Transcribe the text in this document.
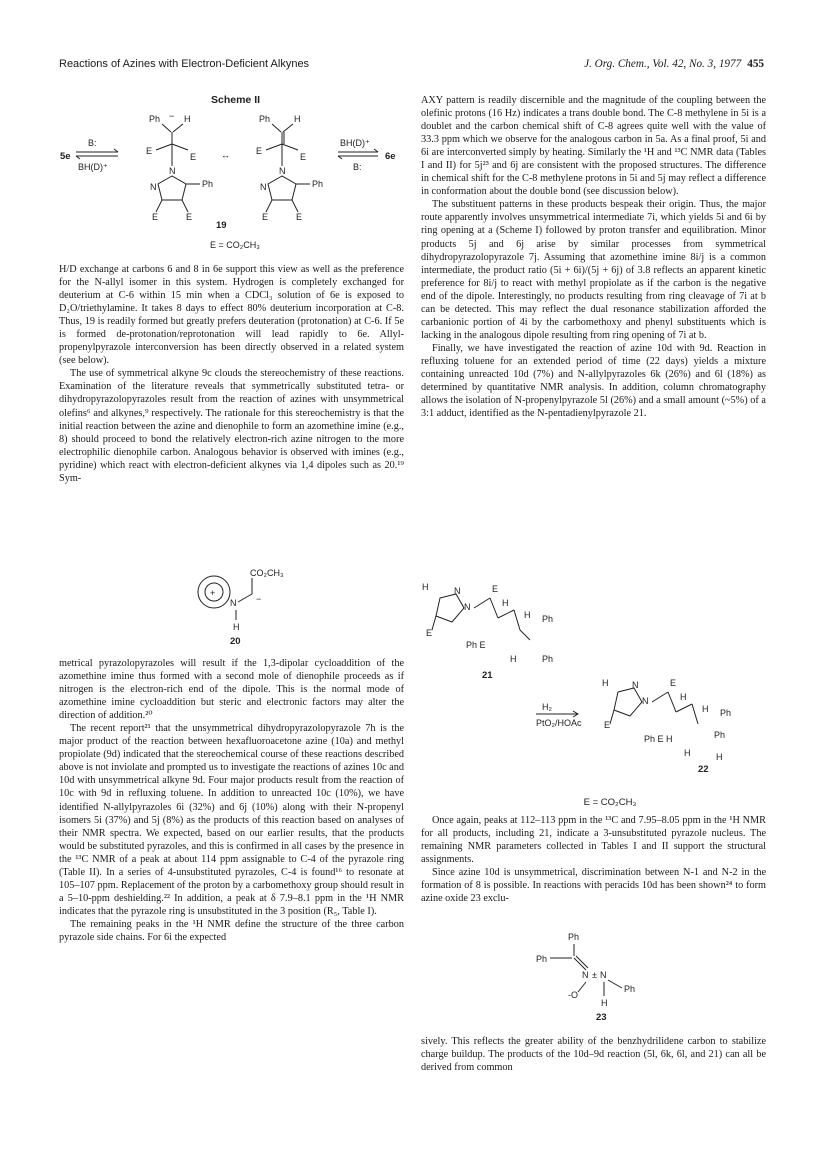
Reactions of Azines with Electron-Deficient Alkynes	J. Org. Chem., Vol. 42, No. 3, 1977 455
Scheme II
5e
B:
BH(D)⁺
Ph	H
−
E
E
N
N	Ph
E	E
↔
Ph	H
E
E
N
N	Ph
E	E
19
BH(D)⁺
B:
6e
E = CO₂CH₃

H/D exchange at carbons 6 and 8 in 6e support this view as well as the preference for the N-allyl isomer in this system. Hydrogen is completely exchanged for deuterium at C-6 within 15 min when a CDCl₃ solution of 6e is exposed to D₂O/triethylamine. It takes 8 days to effect 80% deuterium incorporation at C-8. Thus, 19 is readily formed but greatly prefers deuteration (protonation) at C-6. If 5e is formed de-protonation/reprotonation will lead rapidly to 6e. Allyl-propenylpyrazole interconversion has been directly observed in a related system (see below).

The use of symmetrical alkyne 9c clouds the stereochemistry of these reactions. Examination of the literature reveals that symmetrically substituted tetra- or dihydropyrazolopyrazoles result from the reaction of azines with unsymmetrical olefins⁶ and alkynes,⁹ respectively. The rationale for this stereochemistry is that the initial reaction between the azine and dienophile to form an azomethine imine (e.g., 8) should proceed to bond the relatively electron-rich azine nitrogen to the more electrophilic dienophile carbon. Analogous behavior is observed with imines (e.g., pyridine) which react with electron-deficient alkynes via 1,4 dipoles such as 20.¹⁹ Sym-

+
N
CO₂CH₃
−
H
20

metrical pyrazolopyrazoles will result if the 1,3-dipolar cycloaddition of the azomethine imine thus formed with a second mole of dienophile proceeds as if nitrogen is the electron-rich end of the dipole. This is the normal mode of azomethine imine cycloaddition but steric and electronic factors may alter the direction of addition.²⁰

The recent report²¹ that the unsymmetrical dihydropyrazolopyrazole 7h is the major product of the reaction between hexafluoroacetone azine (10a) and methyl propiolate (9d) indicated that the stereochemical course of these reactions described above is not inviolate and prompted us to investigate the reactions of azines 10c and 10d with unsymmetrical alkyne 9d. Four major products result from the reaction of 10c with 9d in refluxing toluene. In addition to unreacted 10c (10%), we have identified N-allylpyrazoles 6i (32%) and 6j (10%) along with their N-propenyl isomers 5i (37%) and 5j (8%) as the products of this reaction based on analyses of their NMR spectra. We expected, based on our earlier results, that the products would be substituted pyrazoles, and this is confirmed in all cases by the presence in the ¹³C NMR of a peak at about 114 ppm assignable to C-4 of the pyrazole ring (Table II). In a series of 4-unsubstituted pyrazoles, C-4 is found¹⁶ to resonate at 105–107 ppm. Replacement of the proton by a carbomethoxy group should result in a 5–10-ppm deshielding.²² In addition, a peak at δ 7.9–8.1 ppm in the ¹H NMR indicates that the pyrazole ring is unsubstituted in the 3 position (R₅, Table I).

The remaining peaks in the ¹H NMR define the structure of the three carbon pyrazole side chains. For 6i the expected

AXY pattern is readily discernible and the magnitude of the coupling between the olefinic protons (16 Hz) indicates a trans double bond. The C-8 methylene in 5i is a doublet and the carbon chemical shift of C-8 agrees quite well with the value of 33.3 ppm which we observe for the analogous carbon in 5a. As a final proof, 5i and 6i are interconverted simply by heating. Similarly the ¹H and ¹³C NMR data (Tables I and II) for 5j²³ and 6j are consistent with the proposed structures. The difference in chemical shift for the C-8 methylene protons in 5i and 5j may reflect a difference in conformation about the double bond (see discussion below).

The substituent patterns in these products bespeak their origin. Thus, the major route apparently involves unsymmetrical intermediate 7i, which yields 5i and 6i by ring opening at a (Scheme I) followed by proton transfer and equilibration. Minor products 5j and 6j arise by similar processes from symmetrical dihydropyrazolopyrazole 7j. Assuming that azomethine imine 8i/j is a common intermediate, the product ratio (5i + 6i)/(5j + 6j) of 3.8 reflects an apparent kinetic preference for 8i/j to react with methyl propiolate as if the carbon is the negative end of the dipole. Interestingly, no products resulting from ring cleavage of 7i at b can be detected. This may reflect the dual resonance stabilization afforded the carbanionic portion of 4i by the carbomethoxy and phenyl substituents which is lacking in the analogous dipole resulting from ring opening of 7i at b.

Finally, we have investigated the reaction of azine 10d with 9d. Reaction in refluxing toluene for an extended period of time (22 days) yields a mixture containing unreacted 10d (7%) and N-allylpyrazoles 6k (26%) and 6l (18%) as determined by quantitative NMR analysis. In addition, column chromatography allows the isolation of N-propenylpyrazole 5l (26%) and a small amount (~5%) of a 3:1 adduct, identified as the N-pentadienylpyrazole 21.

H	N
N
E
H
H Ph
E
Ph E
H	Ph
21
H₂
PtO₂/HOAc
H	N
N
E
H
H Ph
E
Ph E H	Ph
H	H
22
E = CO₂CH₃

Once again, peaks at 112–113 ppm in the ¹³C and 7.95–8.05 ppm in the ¹H NMR for all products, including 21, indicate a 3-unsubstituted pyrazole nucleus. The remaining NMR parameters collected in Tables I and II support the structural assignments.

Since azine 10d is unsymmetrical, discrimination between N-1 and N-2 in the formation of 8 is possible. In reactions with peracids 10d has been shown²⁴ to form azine oxide 23 exclu-

Ph
Ph
N ± N
Ph
-O
H
23

sively. This reflects the greater ability of the benzhydrilidene carbon to stabilize charge buildup. The products of the 10d–9d reaction (5l, 6k, 6l, and 21) can all be derived from common
